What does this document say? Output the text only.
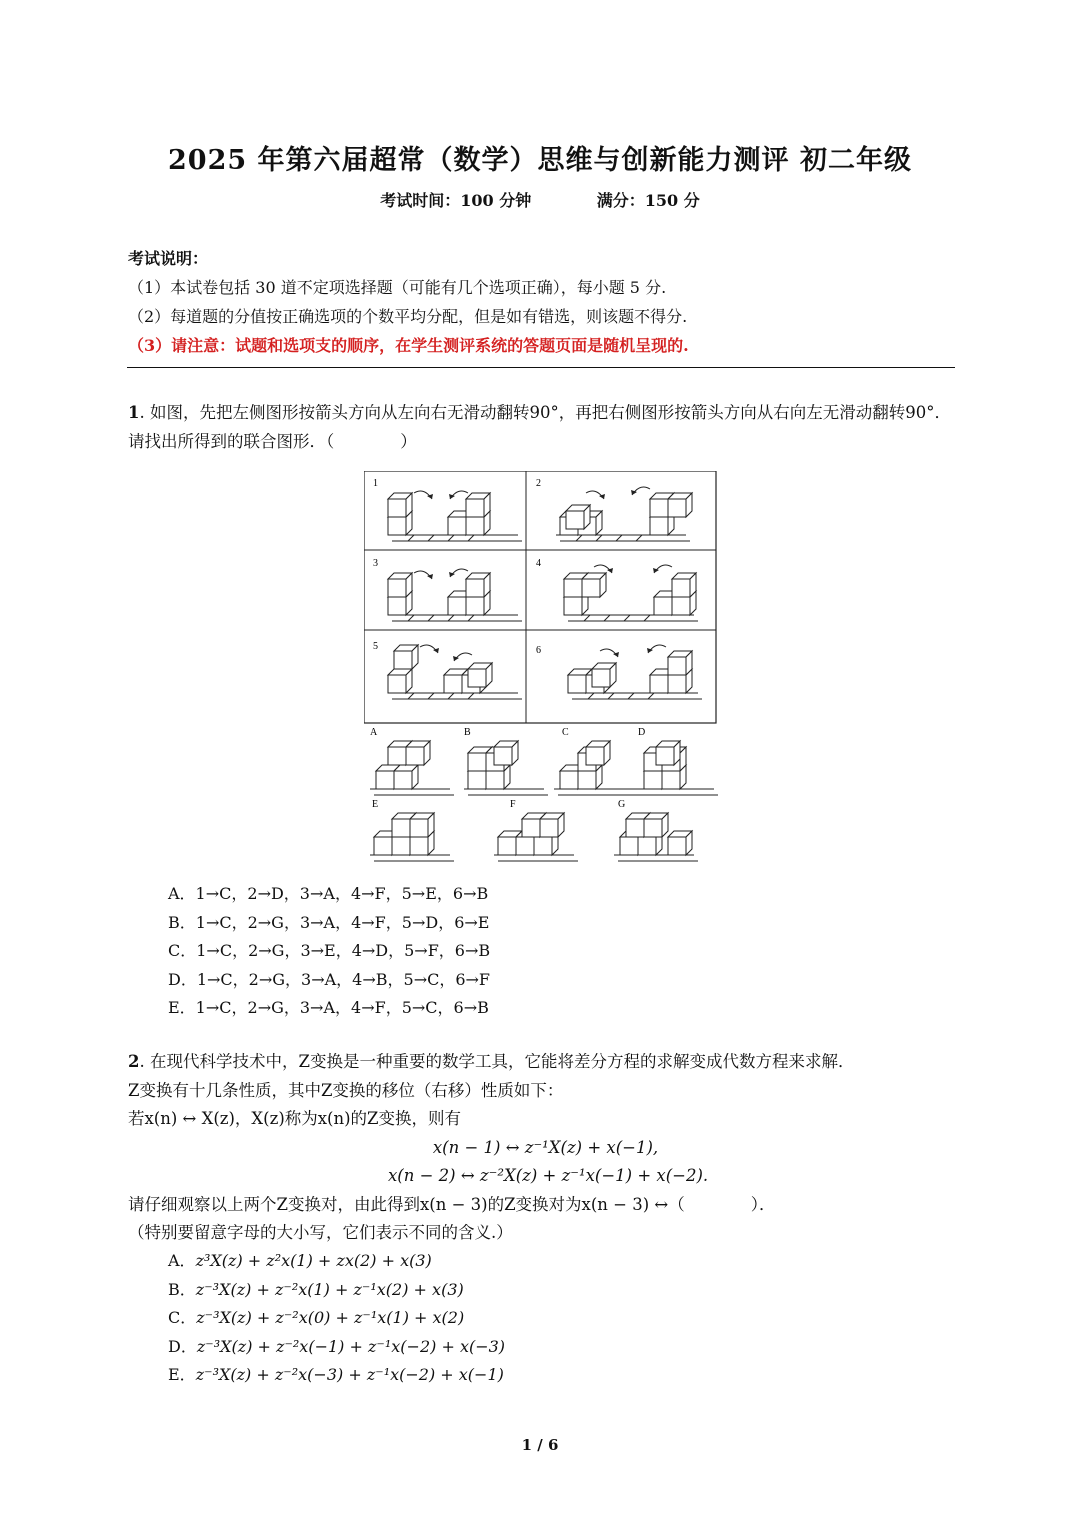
2025 年第六届超常（数学）思维与创新能力测评 初二年级
考试时间：100 分钟	满分：150 分
考试说明：
（1）本试卷包括 30 道不定项选择题（可能有几个选项正确），每小题 5 分.
（2）每道题的分值按正确选项的个数平均分配，但是如有错选，则该题不得分.
（3）请注意：试题和选项支的顺序，在学生测评系统的答题页面是随机呈现的.
1. 如图，先把左侧图形按箭头方向从左向右无滑动翻转90°，再把右侧图形按箭头方向从右向左无滑动翻转90°．请找出所得到的联合图形．（　　　　）
1	2
3	4
5	6
A	B	C	D
E	F	G
A．1→C，2→D，3→A，4→F，5→E，6→B
B．1→C，2→G，3→A，4→F，5→D，6→E
C．1→C，2→G，3→E，4→D，5→F，6→B
D．1→C，2→G，3→A，4→B，5→C，6→F
E．1→C，2→G，3→A，4→F，5→C，6→B
2. 在现代科学技术中，Z变换是一种重要的数学工具，它能将差分方程的求解变成代数方程来求解．
Z变换有十几条性质，其中Z变换的移位（右移）性质如下：
若x(n) ↔ X(z)，X(z)称为x(n)的Z变换，则有
x(n − 1) ↔ z⁻¹X(z) + x(−1),
x(n − 2) ↔ z⁻²X(z) + z⁻¹x(−1) + x(−2).
请仔细观察以上两个Z变换对，由此得到x(n − 3)的Z变换对为x(n − 3) ↔（　　　　）．
（特别要留意字母的大小写，它们表示不同的含义.）
A．z³X(z) + z²x(1) + zx(2) + x(3)
B．z⁻³X(z) + z⁻²x(1) + z⁻¹x(2) + x(3)
C．z⁻³X(z) + z⁻²x(0) + z⁻¹x(1) + x(2)
D．z⁻³X(z) + z⁻²x(−1) + z⁻¹x(−2) + x(−3)
E．z⁻³X(z) + z⁻²x(−3) + z⁻¹x(−2) + x(−1)
1 / 6
